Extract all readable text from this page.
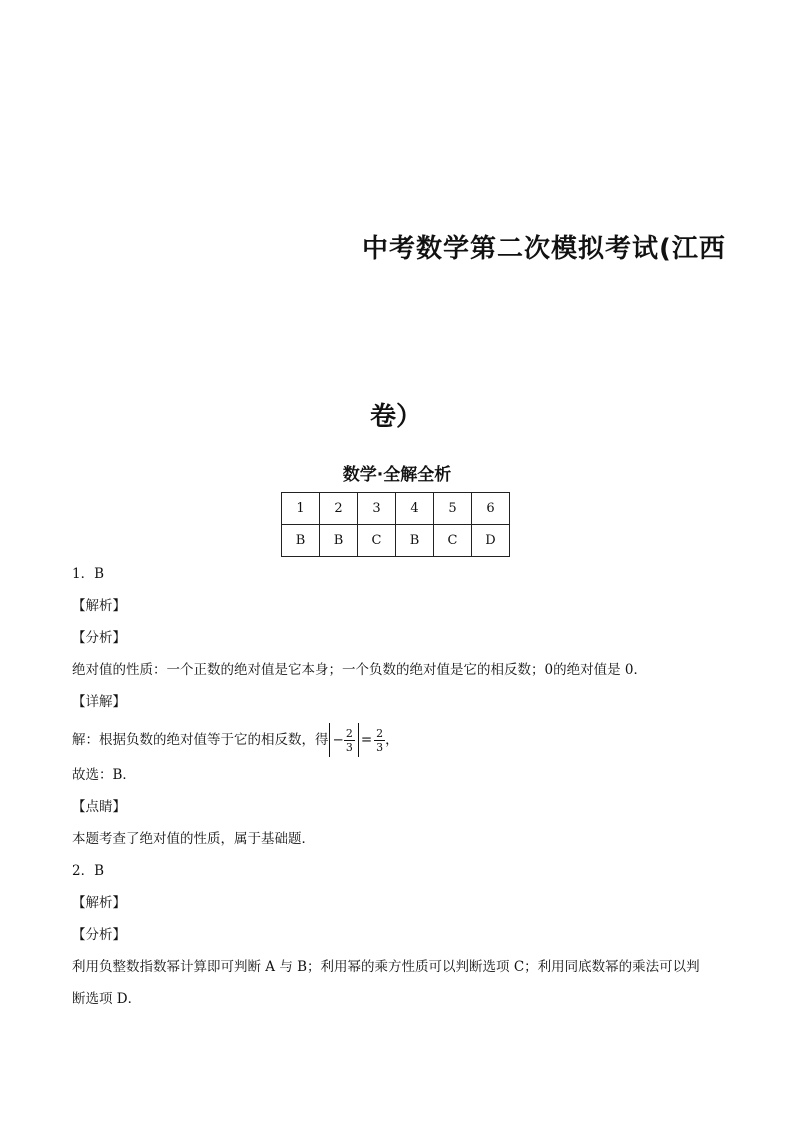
中考数学第二次模拟考试(江西
卷）
数学·全解全析
1	2	3	4	5	6
B	B	C	B	C	D
1．B
【解析】
【分析】
绝对值的性质：一个正数的绝对值是它本身；一个负数的绝对值是它的相反数；0的绝对值是 0．
【详解】
解：根据负数的绝对值等于它的相反数，得 − $\frac{2}{3} = \frac{2}{3}$ ，
故选：B．
【点睛】
本题考查了绝对值的性质，属于基础题．
2．B
【解析】
【分析】
利用负整数指数幂计算即可判断 A 与 B；利用幂的乘方性质可以判断选项 C；利用同底数幂的乘法可以判
断选项 D．
